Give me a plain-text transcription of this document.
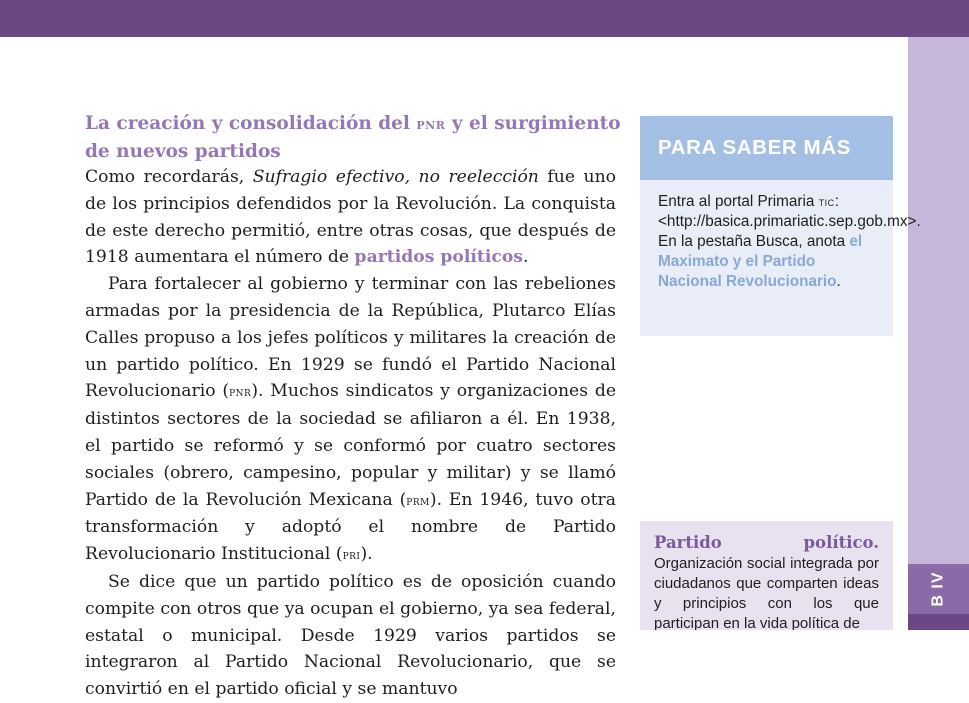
B IV
La creación y consolidación del pnr y el surgimiento de nuevos partidos

Como recordarás, Sufragio efectivo, no reelección fue uno de los principios defendidos por la Revolución. La conquista de este derecho permitió, entre otras cosas, que después de 1918 aumentara el número de partidos políticos.

Para fortalecer al gobierno y terminar con las rebeliones armadas por la presidencia de la República, Plutarco Elías Calles propuso a los jefes políticos y militares la creación de un partido político. En 1929 se fundó el Partido Nacional Revolucionario (pnr). Muchos sindicatos y organizaciones de distintos sectores de la sociedad se afiliaron a él. En 1938, el partido se reformó y se conformó por cuatro sectores sociales (obrero, campesino, popular y militar) y se llamó Partido de la Revolución Mexicana (prm). En 1946, tuvo otra transformación y adoptó el nombre de Partido Revolucionario Institucional (pri).

Se dice que un partido político es de oposición cuando compite con otros que ya ocupan el gobierno, ya sea federal, estatal o municipal. Desde 1929 varios partidos se integraron al Partido Nacional Revolucionario, que se convirtió en el partido oficial y se mantuvo

PARA SABER MÁS
Entra al portal Primaria tic: <http://basica.primariatic.sep.gob.mx>. En la pestaña Busca, anota el Maximato y el Partido Nacional Revolucionario.
Partido político. Organización social integrada por ciudadanos que comparten ideas y principios con los que participan en la vida política de
